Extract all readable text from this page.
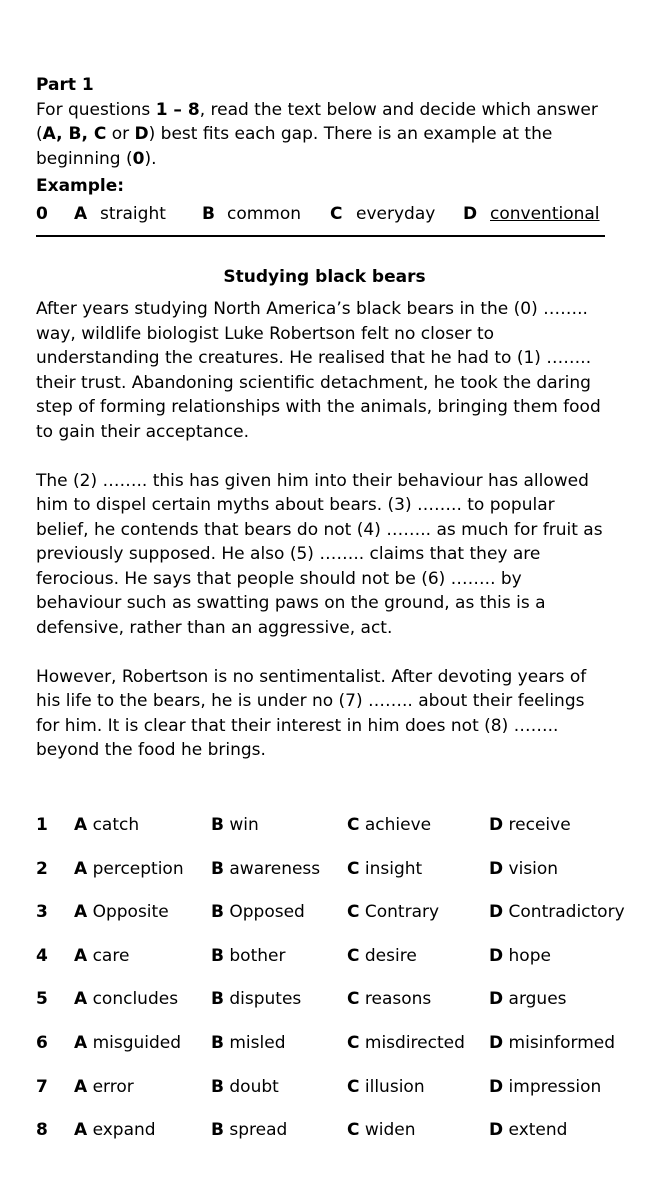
Part 1

For questions 1 – 8, read the text below and decide which answer (A, B, C or D) best fits each gap. There is an example at the beginning (0).

Example:
0 A straight B common C everyday D conventional
Studying black bears

After years studying North America’s black bears in the (0) …….. way, wildlife biologist Luke Robertson felt no closer to understanding the creatures. He realised that he had to (1) …….. their trust. Abandoning scientific detachment, he took the daring step of forming relationships with the animals, bringing them food to gain their acceptance.

The (2) …….. this has given him into their behaviour has allowed him to dispel certain myths about bears. (3) …….. to popular belief, he contends that bears do not (4) …….. as much for fruit as previously supposed. He also (5) …….. claims that they are ferocious. He says that people should not be (6) …….. by behaviour such as swatting paws on the ground, as this is a defensive, rather than an aggressive, act.

However, Robertson is no sentimentalist. After devoting years of his life to the bears, he is under no (7) …….. about their feelings for him. It is clear that their interest in him does not (8) …….. beyond the food he brings.

1 A catch	B win	C achieve	D receive
2 A perception B awareness C insight	D vision
3 A Opposite B Opposed C Contrary	D Contradictory
4 A care	B bother	C desire	D hope
5 A concludes B disputes	C reasons	D argues
6 A misguided B misled	C misdirected D misinformed
7 A error	B doubt	C illusion	D impression
8 A expand	B spread	C widen	D extend
